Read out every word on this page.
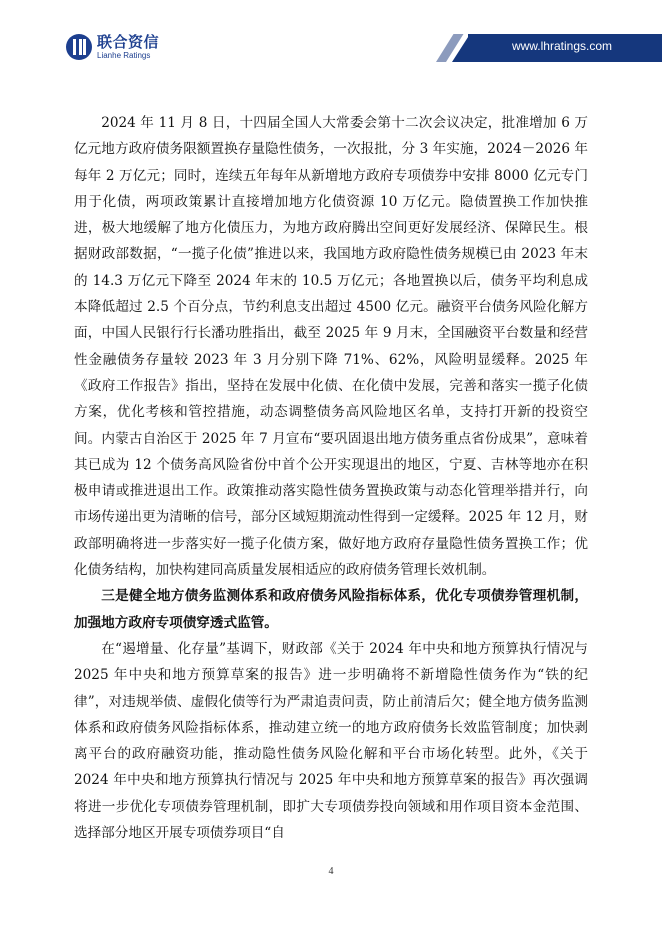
联合资信
Lianhe Ratings
www.lhratings.com

2024 年 11 月 8 日，十四届全国人大常委会第十二次会议决定，批准增加 6 万亿元地方政府债务限额置换存量隐性债务，一次报批，分 3 年实施，2024－2026 年每年 2 万亿元；同时，连续五年每年从新增地方政府专项债券中安排 8000 亿元专门用于化债，两项政策累计直接增加地方化债资源 10 万亿元。隐债置换工作加快推进，极大地缓解了地方化债压力，为地方政府腾出空间更好发展经济、保障民生。根据财政部数据，“一揽子化债”推进以来，我国地方政府隐性债务规模已由 2023 年末的 14.3 万亿元下降至 2024 年末的 10.5 万亿元；各地置换以后，债务平均利息成本降低超过 2.5 个百分点，节约利息支出超过 4500 亿元。融资平台债务风险化解方面，中国人民银行行长潘功胜指出，截至 2025 年 9 月末，全国融资平台数量和经营性金融债务存量较 2023 年 3 月分别下降 71%、62%，风险明显缓释。2025 年《政府工作报告》指出，坚持在发展中化债、在化债中发展，完善和落实一揽子化债方案，优化考核和管控措施，动态调整债务高风险地区名单，支持打开新的投资空间。内蒙古自治区于 2025 年 7 月宣布“要巩固退出地方债务重点省份成果”，意味着其已成为 12 个债务高风险省份中首个公开实现退出的地区，宁夏、吉林等地亦在积极申请或推进退出工作。政策推动落实隐性债务置换政策与动态化管理举措并行，向市场传递出更为清晰的信号，部分区域短期流动性得到一定缓释。2025 年 12 月，财政部明确将进一步落实好一揽子化债方案，做好地方政府存量隐性债务置换工作；优化债务结构，加快构建同高质量发展相适应的政府债务管理长效机制。

三是健全地方债务监测体系和政府债务风险指标体系，优化专项债券管理机制，加强地方政府专项债穿透式监管。

在“遏增量、化存量”基调下，财政部《关于 2024 年中央和地方预算执行情况与 2025 年中央和地方预算草案的报告》进一步明确将不新增隐性债务作为“铁的纪律”，对违规举债、虚假化债等行为严肃追责问责，防止前清后欠；健全地方债务监测体系和政府债务风险指标体系，推动建立统一的地方政府债务长效监管制度；加快剥离平台的政府融资功能，推动隐性债务风险化解和平台市场化转型。此外，《关于 2024 年中央和地方预算执行情况与 2025 年中央和地方预算草案的报告》再次强调将进一步优化专项债券管理机制，即扩大专项债券投向领域和用作项目资本金范围、选择部分地区开展专项债券项目“自

4
